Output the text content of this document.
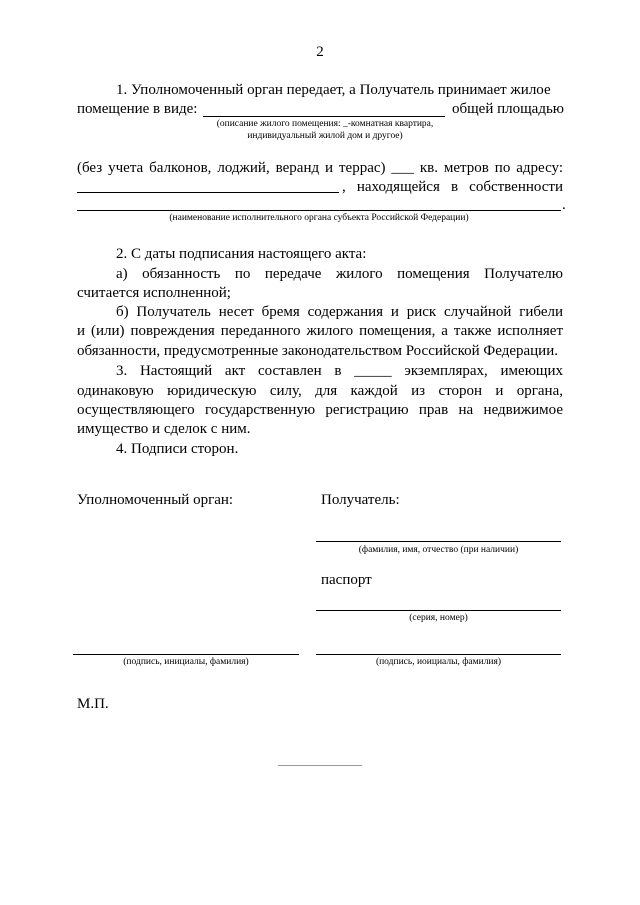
2
1. Уполномоченный орган передает, а Получатель принимает жилое
помещение в виде:	общей площадью
(описание жилого помещения: _-комнатная квартира,
индивидуальный жилой дом и другое)
(без учета балконов, лоджий, веранд и террас) ___ кв. метров по адресу:
, находящейся в собственности
.
(наименование исполнительного органа субъекта Российской Федерации)
2. С даты подписания настоящего акта:
а) обязанность по передаче жилого помещения Получателю
считается исполненной;
б) Получатель несет бремя содержания и риск случайной гибели
и (или) повреждения переданного жилого помещения, а также исполняет
обязанности, предусмотренные законодательством Российской Федерации.
3. Настоящий акт составлен в _____ экземплярах, имеющих
одинаковую юридическую силу, для каждой из сторон и органа,
осуществляющего государственную регистрацию прав на недвижимое
имущество и сделок с ним.
4. Подписи сторон.
Уполномоченный орган:	Получатель:
(фамилия, имя, отчество (при наличии)
паспорт
(серия, номер)
(подпись, инициалы, фамилия)	(подпись, иоициалы, фамилия)
М.П.
